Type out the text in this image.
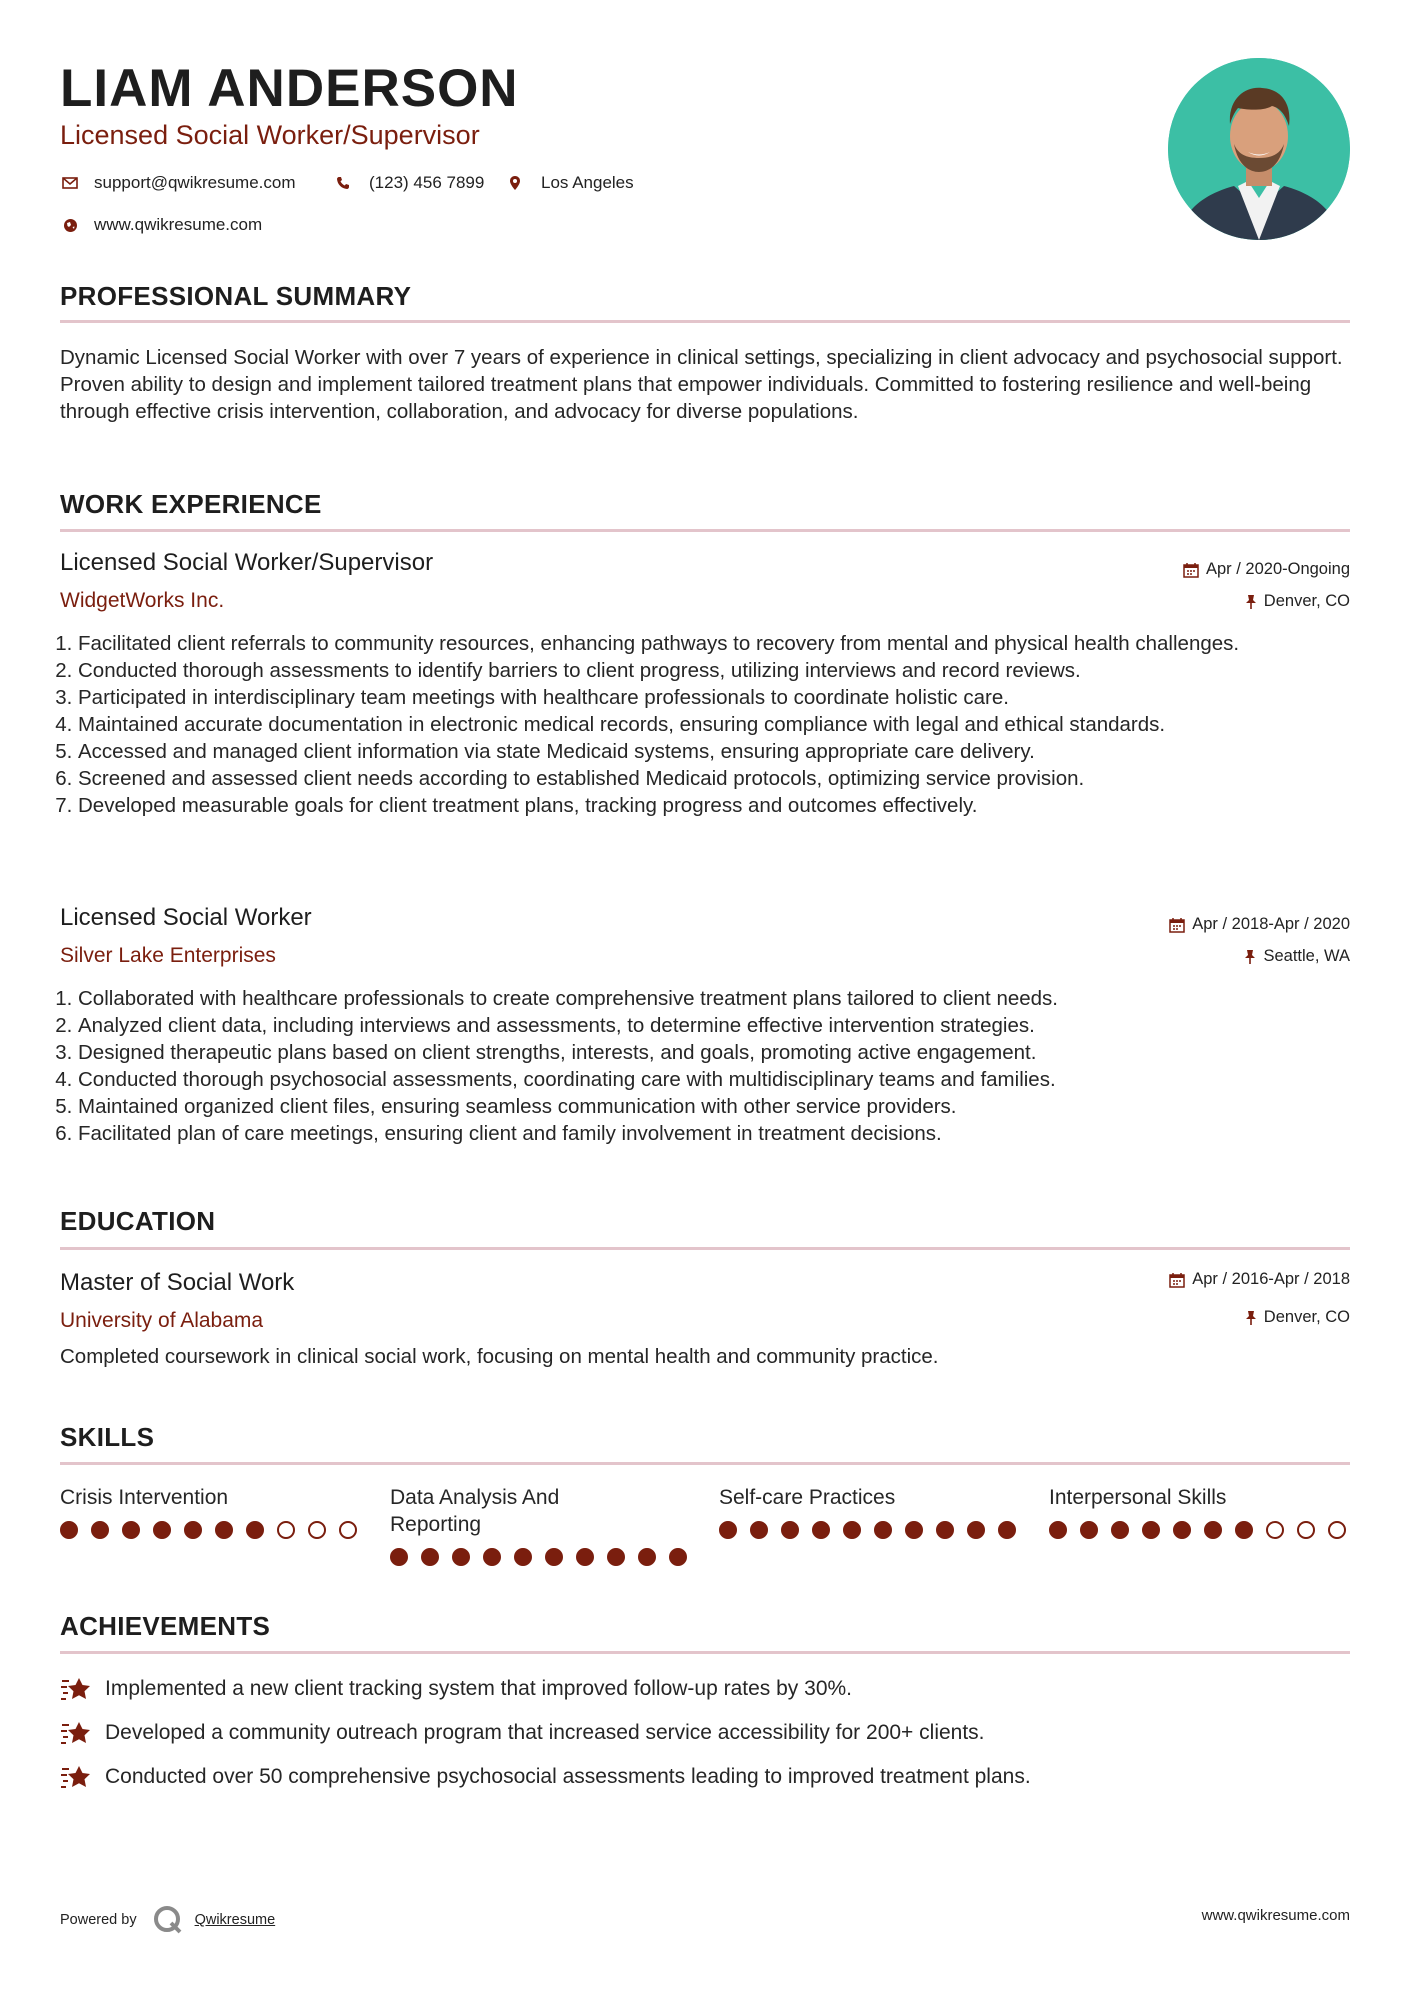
LIAM ANDERSON
Licensed Social Worker/Supervisor
support@qwikresume.com	(123) 456 7899	Los Angeles
www.qwikresume.com
PROFESSIONAL SUMMARY
Dynamic Licensed Social Worker with over 7 years of experience in clinical settings, specializing in client advocacy and psychosocial support. Proven ability to design and implement tailored treatment plans that empower individuals. Committed to fostering resilience and well-being through effective crisis intervention, collaboration, and advocacy for diverse populations.
WORK EXPERIENCE
Licensed Social Worker/Supervisor
WidgetWorks Inc.
Apr / 2020-Ongoing
Denver, CO
1. Facilitated client referrals to community resources, enhancing pathways to recovery from mental and physical health challenges.
2. Conducted thorough assessments to identify barriers to client progress, utilizing interviews and record reviews.
3. Participated in interdisciplinary team meetings with healthcare professionals to coordinate holistic care.
4. Maintained accurate documentation in electronic medical records, ensuring compliance with legal and ethical standards.
5. Accessed and managed client information via state Medicaid systems, ensuring appropriate care delivery.
6. Screened and assessed client needs according to established Medicaid protocols, optimizing service provision.
7. Developed measurable goals for client treatment plans, tracking progress and outcomes effectively.
Licensed Social Worker
Silver Lake Enterprises
Apr / 2018-Apr / 2020
Seattle, WA
1. Collaborated with healthcare professionals to create comprehensive treatment plans tailored to client needs.
2. Analyzed client data, including interviews and assessments, to determine effective intervention strategies.
3. Designed therapeutic plans based on client strengths, interests, and goals, promoting active engagement.
4. Conducted thorough psychosocial assessments, coordinating care with multidisciplinary teams and families.
5. Maintained organized client files, ensuring seamless communication with other service providers.
6. Facilitated plan of care meetings, ensuring client and family involvement in treatment decisions.
EDUCATION
Master of Social Work
University of Alabama
Apr / 2016-Apr / 2018
Denver, CO
Completed coursework in clinical social work, focusing on mental health and community practice.
SKILLS
Crisis Intervention	Data Analysis And Reporting
Self-care Practices	Interpersonal Skills
ACHIEVEMENTS
Implemented a new client tracking system that improved follow-up rates by 30%.
Developed a community outreach program that increased service accessibility for 200+ clients.
Conducted over 50 comprehensive psychosocial assessments leading to improved treatment plans.
Powered by	Qwikresume	www.qwikresume.com
